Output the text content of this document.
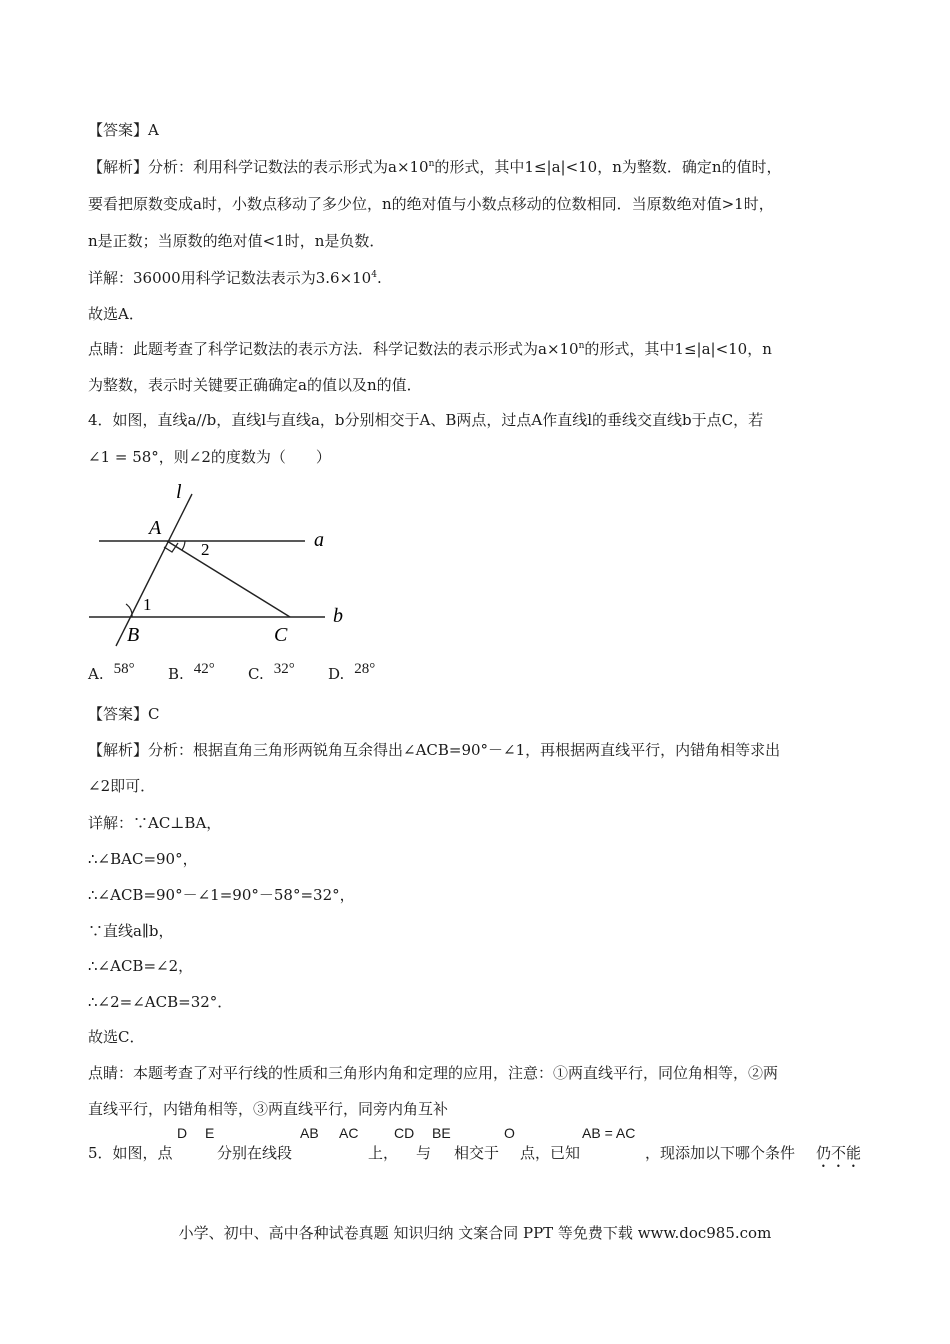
【答案】A
【解析】分析：利用科学记数法的表示形式为$a\times 10^n$的形式，其中1≤|a|<10，n为整数．确定n的值时，
要看把原数变成a时，小数点移动了多少位，n的绝对值与小数点移动的位数相同．当原数绝对值>1时，
n是正数；当原数的绝对值<1时，n是负数．
详解：36000用科学记数法表示为$3.6\times 10^4$.
故选A．
点睛：此题考查了科学记数法的表示方法．科学记数法的表示形式为$a\times 10^n$的形式，其中1≤|a|<10，n
为整数，表示时关键要正确确定a的值以及n的值．
4．如图，直线a//b，直线l与直线a，b分别相交于A、B两点，过点A作直线l的垂线交直线b于点C，若
∠1 = 58°，则∠2的度数为（　　）
l
A
a
2
1
B	C
b
A. 58° B. 42° C. 32° D. 28°
【答案】C
【解析】分析：根据直角三角形两锐角互余得出∠ACB=90°－∠1，再根据两直线平行，内错角相等求出
∠2即可．
详解：∵AC⊥BA，
∴∠BAC=90°，
∴∠ACB=90°－∠1=90°－58°=32°，
∵直线a∥b，
∴∠ACB=∠2，
∴∠2=∠ACB=32°．
故选C．
点睛：本题考查了对平行线的性质和三角形内角和定理的应用，注意：①两直线平行，同位角相等，②两
直线平行，内错角相等，③两直线平行，同旁内角互补
5．如图，点
D E
分别在线段
AB AC
上，
CD
与
BE
相交于
O
点，已知
AB = AC
，现添加以下哪个条件 仍不能
小学、初中、高中各种试卷真题 知识归纳 文案合同 PPT 等免费下载 www.doc985.com
